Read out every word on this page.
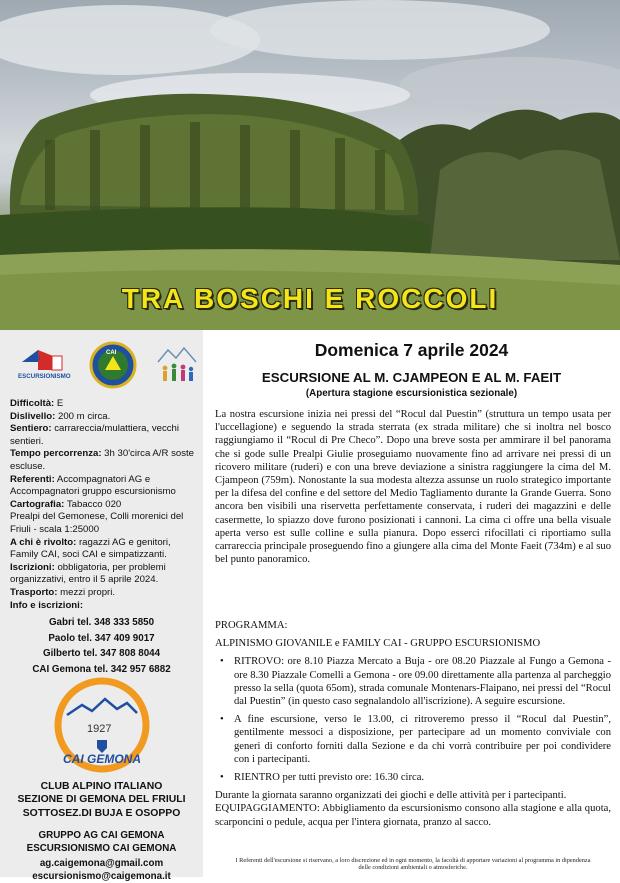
TRA BOSCHI E ROCCOLI
CAI
ESCURSIONISMO
CAI

Difficoltà: E

Dislivello: 200 m circa.

Sentiero: carrareccia/mulattiera, vecchi sentieri.

Tempo percorrenza: 3h 30'circa A/R soste escluse.

Referenti: Accompagnatori AG e Accompagnatori gruppo escursionismo

Cartografia: Tabacco 020

Prealpi del Gemonese, Colli morenici del Friuli - scala 1:25000

A chi è rivolto: ragazzi AG e genitori, Family CAI, soci CAI e simpatizzanti.

Iscrizioni: obbligatoria, per problemi organizzativi, entro il 5 aprile 2024.

Trasporto: mezzi propri.

Info e iscrizioni:

Gabri tel. 348 333 5850
Paolo tel. 347 409 9017
Gilberto tel. 347 808 8044
CAI Gemona tel. 342 957 6882
1927
CAI GEMONA

CLUB ALPINO ITALIANO

SEZIONE DI GEMONA DEL FRIULI

SOTTOSEZ.DI BUJA E OSOPPO

GRUPPO AG CAI GEMONA

ESCURSIONISMO CAI GEMONA

ag.caigemona@gmail.com

escursionismo@caigemona.it

Domenica 7 aprile 2024
ESCURSIONE AL M. CJAMPEON E AL M. FAEIT
(Apertura stagione escursionistica sezionale)

La nostra escursione inizia nei pressi del “Rocul dal Puestin” (struttura un tempo usata per l'uccellagione) e seguendo la strada sterrata (ex strada militare) che si inoltra nel bosco raggiungiamo il “Rocul di Pre Checo”. Dopo una breve sosta per ammirare il bel panorama che si gode sulle Prealpi Giulie proseguiamo nuovamente fino ad arrivare nei pressi di un ricovero militare (ruderi) e con una breve deviazione a sinistra raggiungere la cima del M. Cjampeon (759m). Nonostante la sua modesta altezza assunse un ruolo strategico importante per la difesa del confine e del settore del Medio Tagliamento durante la Grande Guerra. Sono ancora ben visibili una riservetta perfettamente conservata, i ruderi dei magazzini e delle casermette, lo spiazzo dove furono posizionati i cannoni. La cima ci offre una bella visuale aperta verso est sulle colline e sulla pianura. Dopo esserci rifocillati ci riportiamo sulla carrareccia principale proseguendo fino a giungere alla cima del Monte Faeit (734m) e al suo bel punto panoramico.

PROGRAMMA:

ALPINISMO GIOVANILE e FAMILY CAI - GRUPPO ESCURSIONISMO

• RITROVO: ore 8.10 Piazza Mercato a Buja - ore 08.20 Piazzale al Fungo a Gemona - ore 8.30 Piazzale Comelli a Gemona - ore 09.00 direttamente alla partenza al parcheggio presso la sella (quota 65om), strada comunale Montenars-Flaipano, nei pressi del “Rocul dal Puestin” (in questo caso segnalandolo all'iscrizione). A seguire escursione.
• A fine escursione, verso le 13.00, ci ritroveremo presso il “Rocul dal Puestin”, gentilmente messoci a disposizione, per partecipare ad un momento conviviale con generi di conforto forniti dalla Sezione e da chi vorrà contribuire per poi condividere con i partecipanti.
• RIENTRO per tutti previsto ore: 16.30 circa.

Durante la giornata saranno organizzati dei giochi e delle attività per i partecipanti.

EQUIPAGGIAMENTO: Abbigliamento da escursionismo consono alla stagione e alla quota, scarponcini o pedule, acqua per l'intera giornata, pranzo al sacco.

I Referenti dell'escursione si riservano, a loro discrezione ed in ogni momento, la facoltà di apportare variazioni al programma in dipendenza delle condizioni ambientali o atmosferiche.
